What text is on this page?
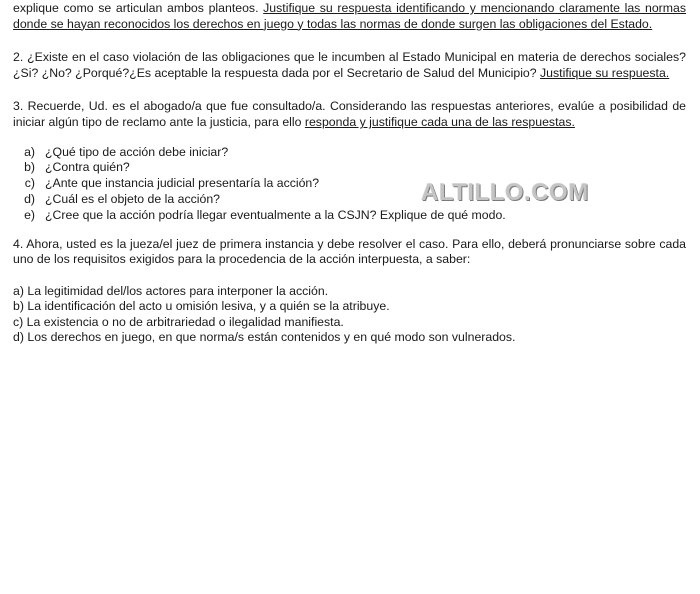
explique como se articulan ambos planteos. Justifique su respuesta identificando y mencionando claramente las normas donde se hayan reconocidos los derechos en juego y todas las normas de donde surgen las obligaciones del Estado.

2. ¿Existe en el caso violación de las obligaciones que le incumben al Estado Municipal en materia de derechos sociales? ¿Si? ¿No? ¿Porqué?¿Es aceptable la respuesta dada por el Secretario de Salud del Municipio? Justifique su respuesta.

3. Recuerde, Ud. es el abogado/a que fue consultado/a. Considerando las respuestas anteriores, evalúe a posibilidad de iniciar algún tipo de reclamo ante la justicia, para ello responda y justifique cada una de las respuestas.

a) ¿Qué tipo de acción debe iniciar?
b) ¿Contra quién?
c) ¿Ante que instancia judicial presentaría la acción?
d) ¿Cuál es el objeto de la acción?
e) ¿Cree que la acción podría llegar eventualmente a la CSJN? Explique de qué modo.

4. Ahora, usted es la jueza/el juez de primera instancia y debe resolver el caso. Para ello, deberá pronunciarse sobre cada uno de los requisitos exigidos para la procedencia de la acción interpuesta, a saber:

a) La legitimidad del/los actores para interponer la acción.
b) La identificación del acto u omisión lesiva, y a quién se la atribuye.
c) La existencia o no de arbitrariedad o ilegalidad manifiesta.
d) Los derechos en juego, en que norma/s están contenidos y en qué modo son vulnerados.
ALTILLO.COM
